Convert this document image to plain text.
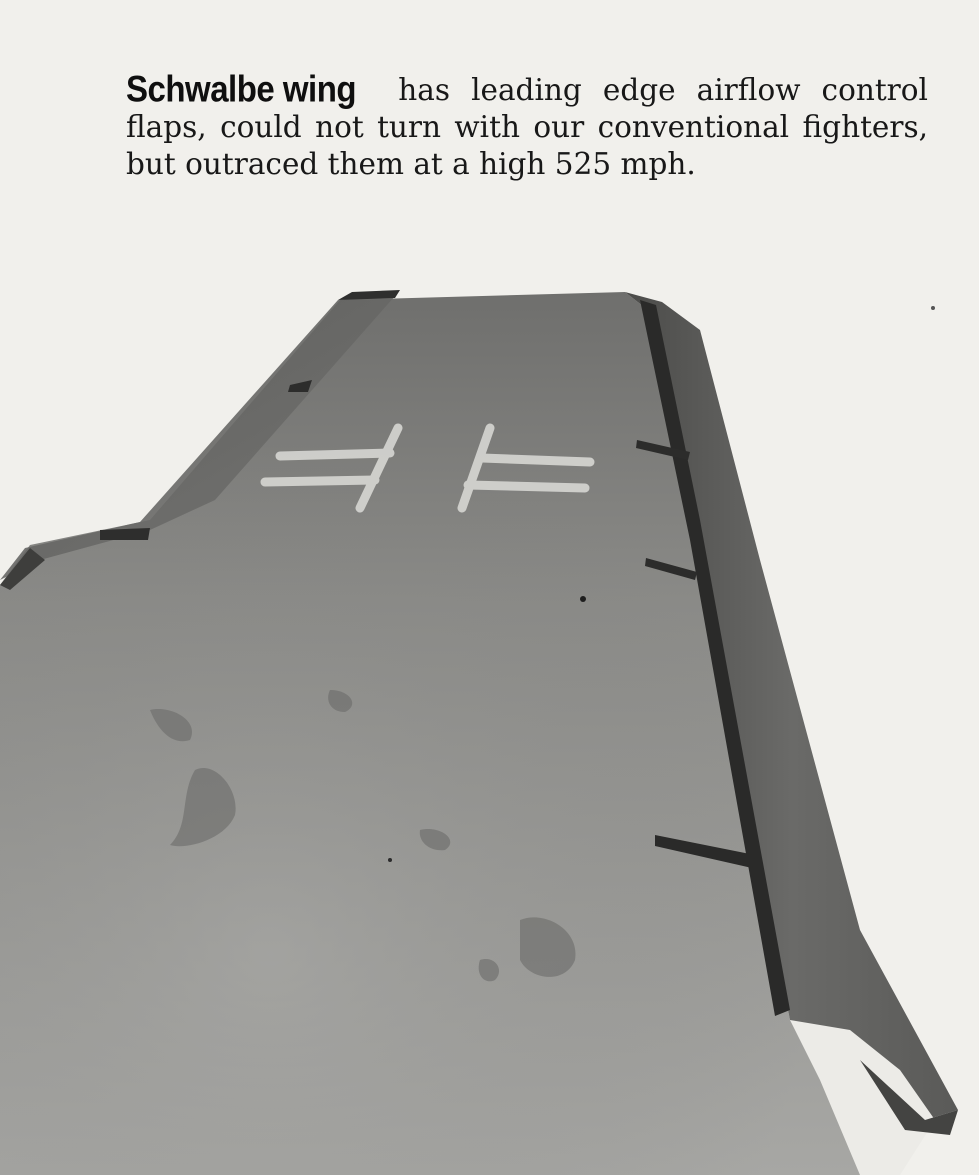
Schwalbe wing has leading edge airflow control flaps, could not turn with our conventional fighters, but outraced them at a high 525 mph.
